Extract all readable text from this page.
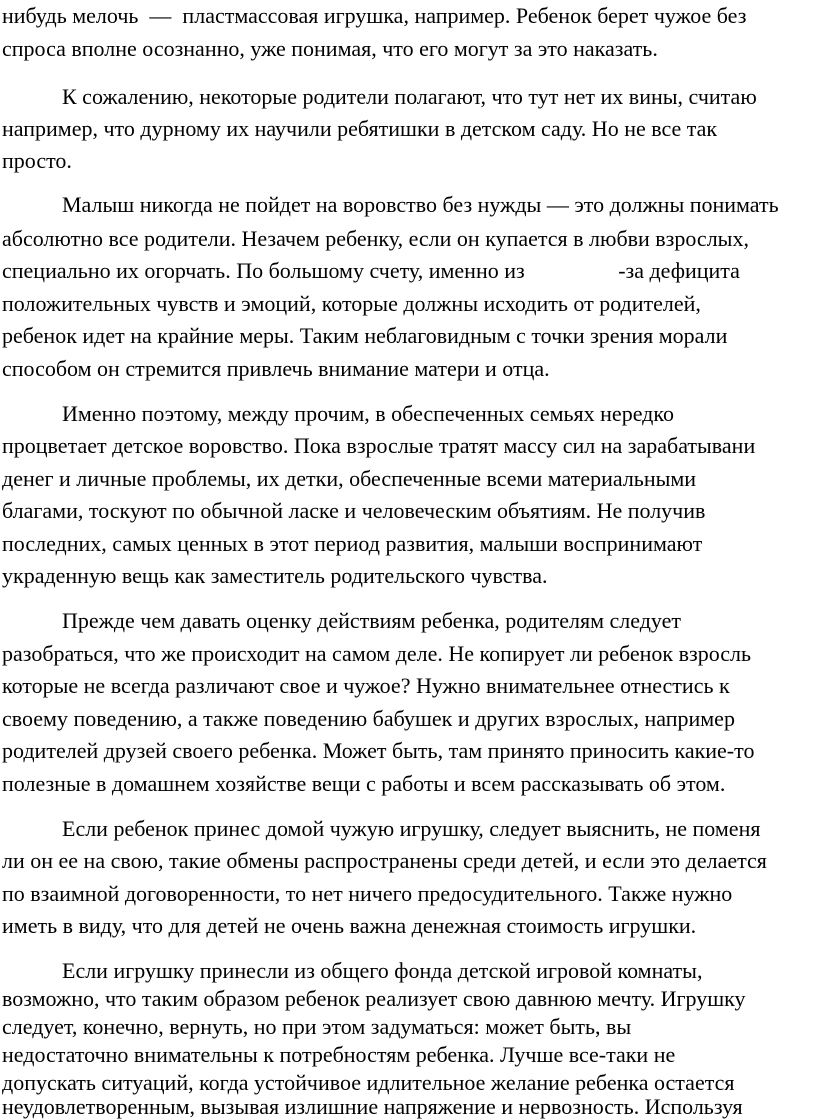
нибудь мелочь  —  пластмассовая игрушка, например. Ребенок берет чужое без
спроса вполне осознанно, уже понимая, что его могут за это наказать.
К сожалению, некоторые родители полагают, что тут нет их вины, считаю
например, что дурному их научили ребятишки в детском саду. Но не все так
просто.
Малыш никогда не пойдет на воровство без нужды — это должны понимать
абсолютно все родители. Незачем ребенку, если он купается в любви взрослых,
специально их огорчать. По большому счету, именно из                 -за дефицита
положительных чувств и эмоций, которые должны исходить от родителей,
ребенок идет на крайние меры. Таким неблаговидным с точки зрения морали
способом он стремится привлечь внимание матери и отца.
Именно поэтому, между прочим, в обеспеченных семьях нередко
процветает детское воровство. Пока взрослые тратят массу сил на зарабатывани
денег и личные проблемы, их детки, обеспеченные всеми материальными
благами, тоскуют по обычной ласке и человеческим объятиям. Не получив
последних, самых ценных в этот период развития, малыши воспринимают
украденную вещь как заместитель родительского чувства.
Прежде чем давать оценку действиям ребенка, родителям следует
разобраться, что же происходит на самом деле. Не копирует ли ребенок взросль
которые не всегда различают свое и чужое? Нужно внимательнее отнестись к
своему поведению, а также поведению бабушек и других взрослых, например
родителей друзей своего ребенка. Может быть, там принято приносить какие-то
полезные в домашнем хозяйстве вещи с работы и всем рассказывать об этом.
Если ребенок принес домой чужую игрушку, следует выяснить, не поменя
ли он ее на свою, такие обмены распространены среди детей, и если это делается
по взаимной договоренности, то нет ничего предосудительного. Также нужно
иметь в виду, что для детей не очень важна денежная стоимость игрушки.
Если игрушку принесли из общего фонда детской игровой комнаты,
возможно, что таким образом ребенок реализует свою давнюю мечту. Игрушку
следует, конечно, вернуть, но при этом задуматься: может быть, вы
недостаточно внимательны к потребностям ребенка. Лучше все-таки не
допускать ситуаций, когда устойчивое идлительное желание ребенка остается
неудовлетворенным, вызывая излишние напряжение и нервозность. Используя
